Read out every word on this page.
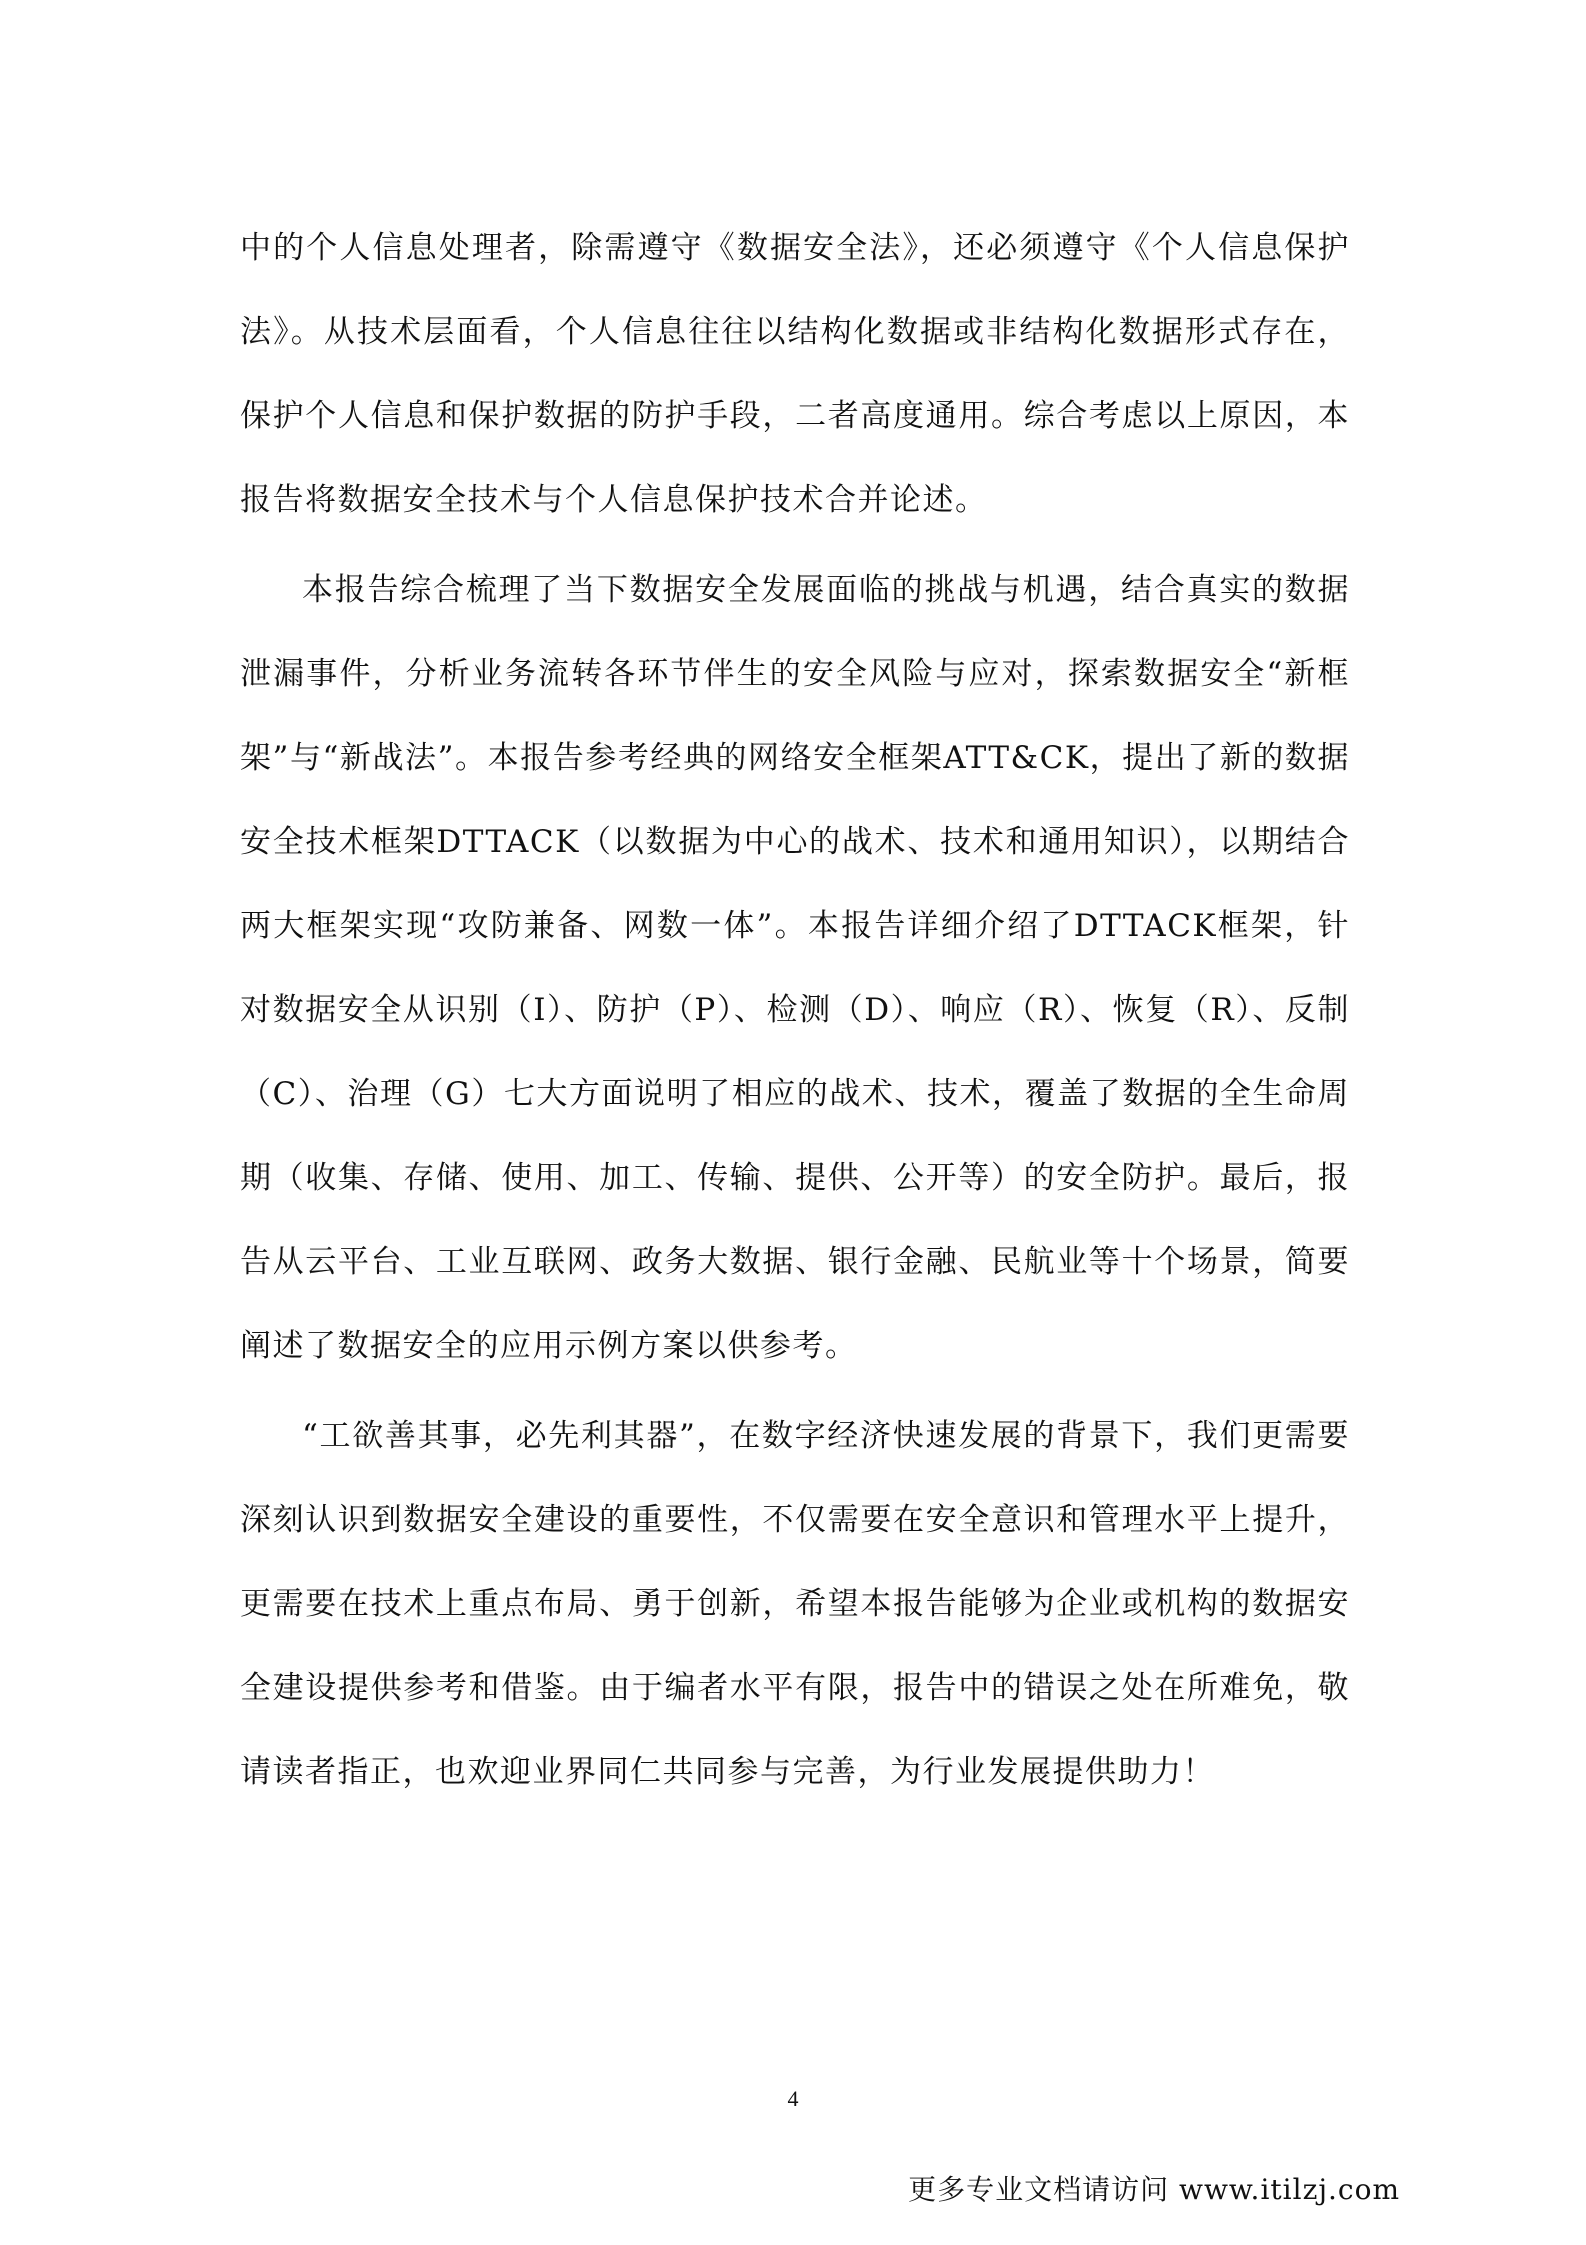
中的个人信息处理者，除需遵守《数据安全法》，还必须遵守《个人信息保护法》。从技术层面看，个人信息往往以结构化数据或非结构化数据形式存在，保护个人信息和保护数据的防护手段，二者高度通用。综合考虑以上原因，本报告将数据安全技术与个人信息保护技术合并论述。

本报告综合梳理了当下数据安全发展面临的挑战与机遇，结合真实的数据泄漏事件，分析业务流转各环节伴生的安全风险与应对，探索数据安全“新框架”与“新战法”。本报告参考经典的网络安全框架ATT&CK，提出了新的数据安全技术框架DTTACK（以数据为中心的战术、技术和通用知识），以期结合两大框架实现“攻防兼备、网数一体”。本报告详细介绍了DTTACK框架，针对数据安全从识别（I）、防护（P）、检测（D）、响应（R）、恢复（R）、反制（C）、治理（G）七大方面说明了相应的战术、技术，覆盖了数据的全生命周期（收集、存储、使用、加工、传输、提供、公开等）的安全防护。最后，报告从云平台、工业互联网、政务大数据、银行金融、民航业等十个场景，简要阐述了数据安全的应用示例方案以供参考。

“工欲善其事，必先利其器”，在数字经济快速发展的背景下，我们更需要深刻认识到数据安全建设的重要性，不仅需要在安全意识和管理水平上提升，更需要在技术上重点布局、勇于创新，希望本报告能够为企业或机构的数据安全建设提供参考和借鉴。由于编者水平有限，报告中的错误之处在所难免，敬请读者指正，也欢迎业界同仁共同参与完善，为行业发展提供助力！

4
更多专业文档请访问 www.itilzj.com
